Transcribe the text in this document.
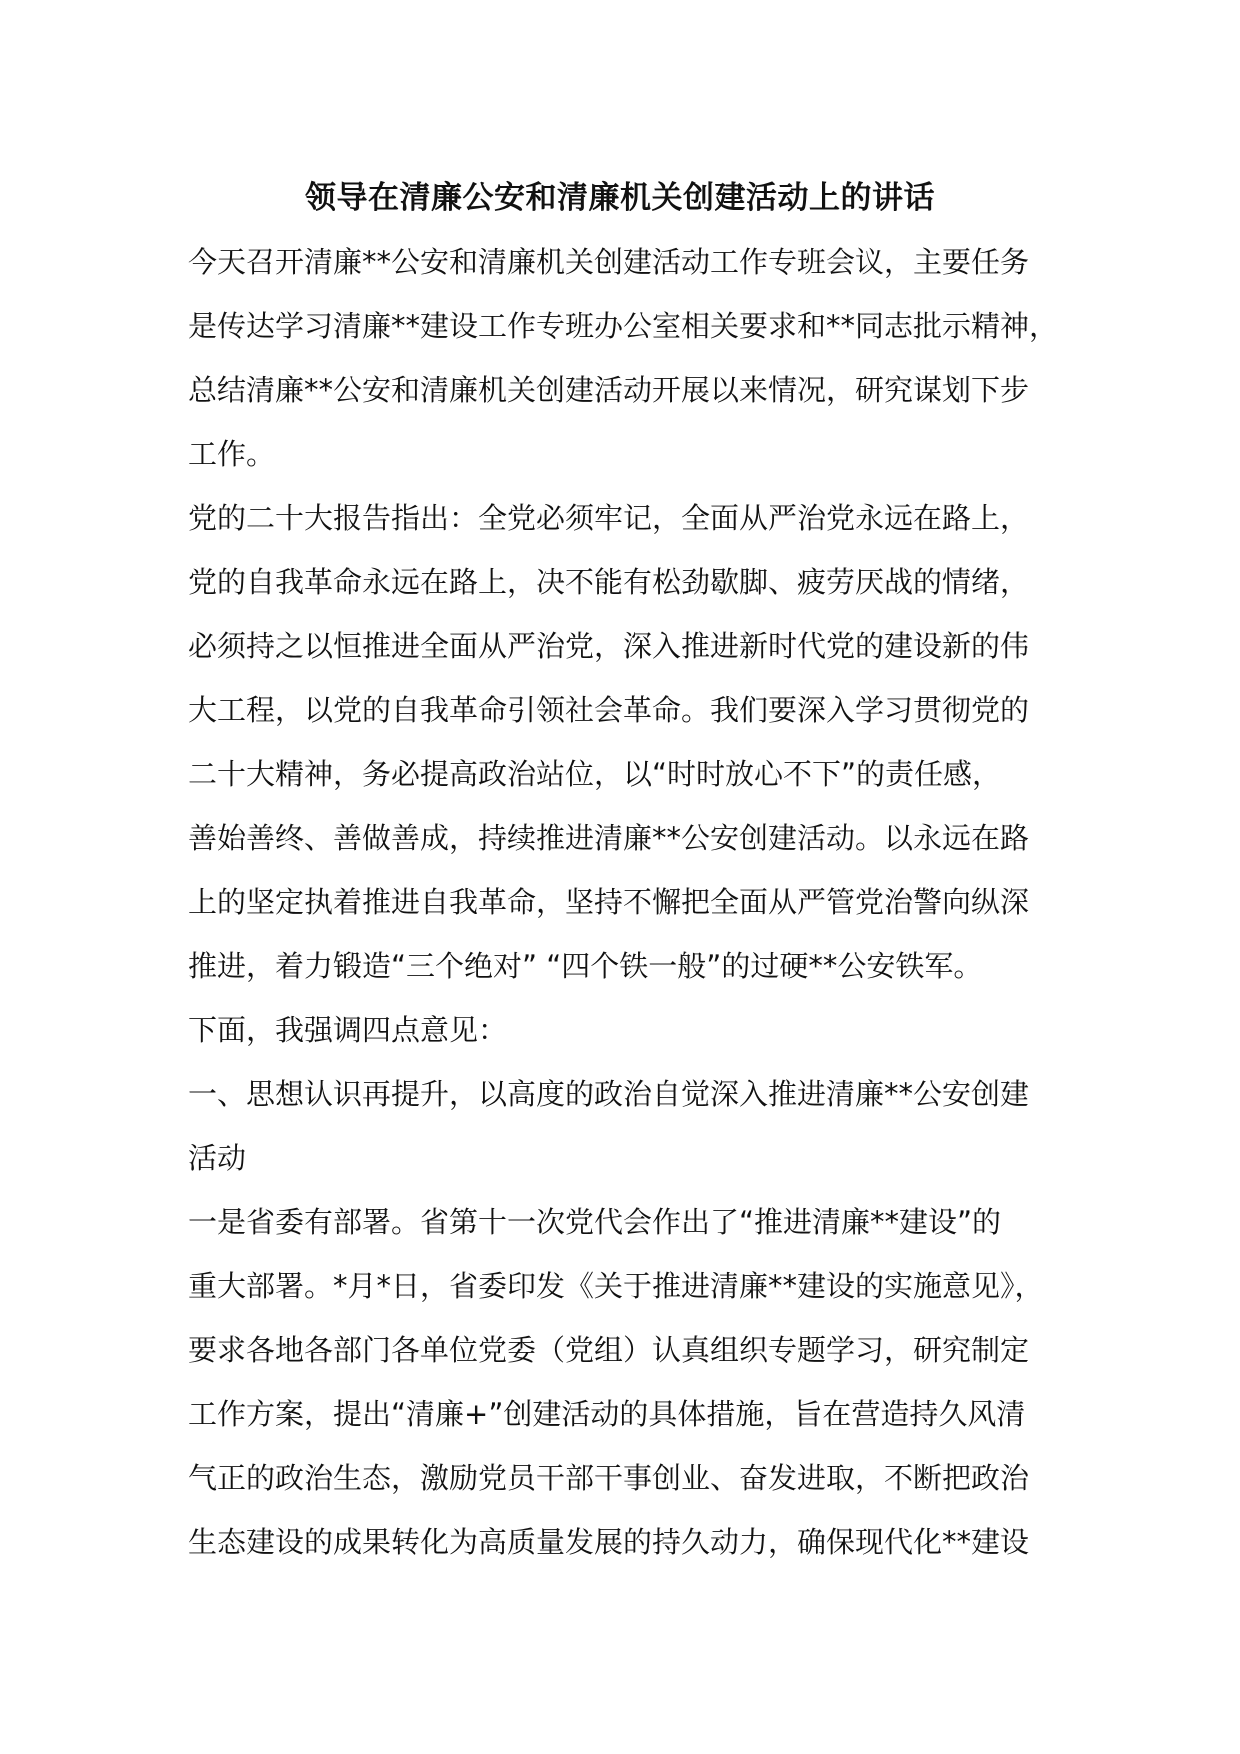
领导在清廉公安和清廉机关创建活动上的讲话
今天召开清廉**公安和清廉机关创建活动工作专班会议，主要任务
是传达学习清廉**建设工作专班办公室相关要求和**同志批示精神，
总结清廉**公安和清廉机关创建活动开展以来情况，研究谋划下步
工作。
党的二十大报告指出：全党必须牢记，全面从严治党永远在路上，
党的自我革命永远在路上，决不能有松劲歇脚、疲劳厌战的情绪，
必须持之以恒推进全面从严治党，深入推进新时代党的建设新的伟
大工程，以党的自我革命引领社会革命。我们要深入学习贯彻党的
二十大精神，务必提高政治站位，以“时时放心不下”的责任感，
善始善终、善做善成，持续推进清廉**公安创建活动。以永远在路
上的坚定执着推进自我革命，坚持不懈把全面从严管党治警向纵深
推进，着力锻造“三个绝对” “四个铁一般”的过硬**公安铁军。
下面，我强调四点意见：
一、思想认识再提升，以高度的政治自觉深入推进清廉**公安创建
活动
一是省委有部署。省第十一次党代会作出了“推进清廉**建设”的
重大部署。*月*日，省委印发《关于推进清廉**建设的实施意见》，
要求各地各部门各单位党委（党组）认真组织专题学习，研究制定
工作方案，提出“清廉+”创建活动的具体措施，旨在营造持久风清
气正的政治生态，激励党员干部干事创业、奋发进取，不断把政治
生态建设的成果转化为高质量发展的持久动力，确保现代化**建设
